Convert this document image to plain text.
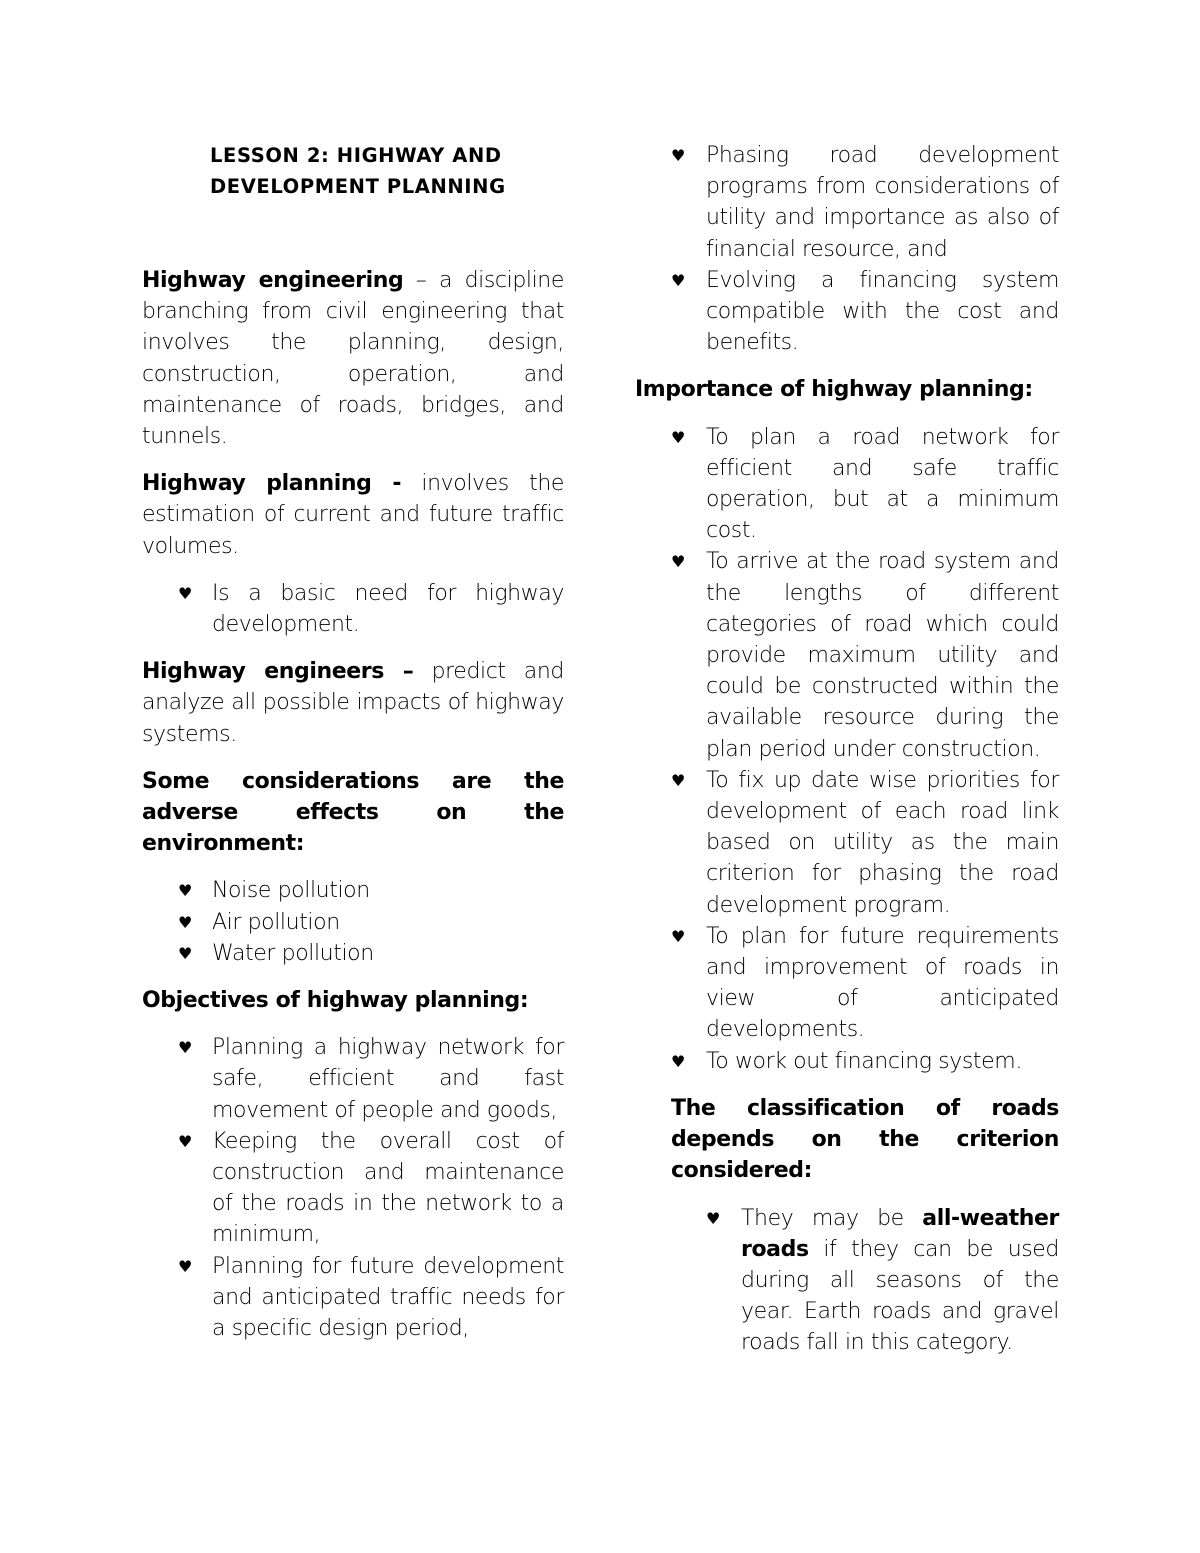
LESSON 2: HIGHWAY AND
DEVELOPMENT PLANNING

Highway engineering – a discipline branching from civil engineering that involves the planning, design, construction, operation, and maintenance of roads, bridges, and tunnels.

Highway planning - involves the estimation of current and future traffic volumes.

♥ Is a basic need for highway development.

Highway engineers – predict and analyze all possible impacts of highway systems.

Some considerations are the adverse effects on the environment:
♥ Noise pollution
♥ Air pollution
♥ Water pollution
Objectives of highway planning:
♥ Planning a highway network for safe, efficient and fast movement of people and goods,
♥ Keeping the overall cost of construction and maintenance of the roads in the network to a minimum,
♥ Planning for future development and anticipated traffic needs for a specific design period,
♥ Phasing road development programs from considerations of utility and importance as also of financial resource, and
♥ Evolving a financing system compatible with the cost and benefits.
Importance of highway planning:
♥ To plan a road network for efficient and safe traffic operation, but at a minimum cost.
♥ To arrive at the road system and the lengths of different categories of road which could provide maximum utility and could be constructed within the available resource during the plan period under construction.
♥ To fix up date wise priorities for development of each road link based on utility as the main criterion for phasing the road development program.
♥ To plan for future requirements and improvement of roads in view of anticipated developments.
♥ To work out financing system.
The classification of roads depends on the criterion considered:
♥ They may be all-weather roads if they can be used during all seasons of the year. Earth roads and gravel roads fall in this category.
